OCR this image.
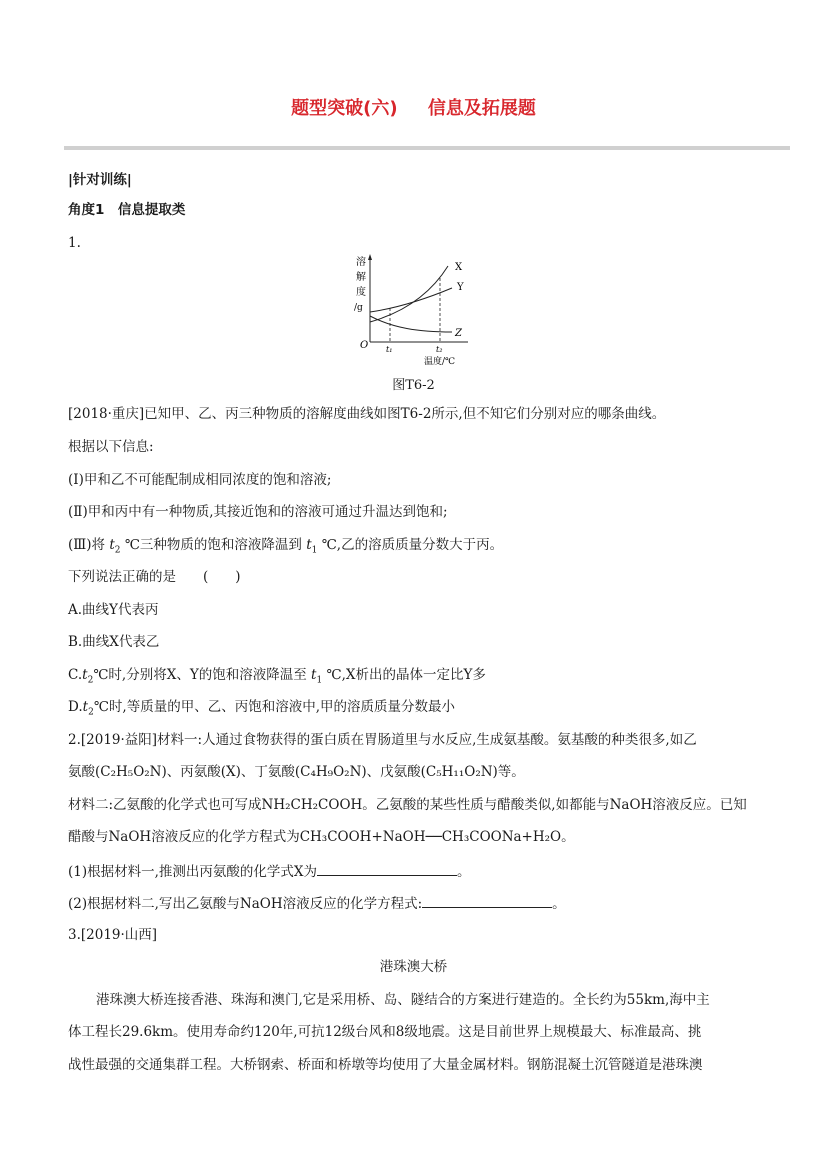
题型突破(六) 信息及拓展题
|针对训练|
角度1　信息提取类
1.
溶
解
度
/g
O
X
Y
Z
t₁	t₂
温度/℃
图T6-2
[2018·重庆]已知甲、乙、丙三种物质的溶解度曲线如图T6-2所示,但不知它们分别对应的哪条曲线。
根据以下信息:
(Ⅰ)甲和乙不可能配制成相同浓度的饱和溶液;
(Ⅱ)甲和丙中有一种物质,其接近饱和的溶液可通过升温达到饱和;
(Ⅲ)将 $t_2$ ℃三种物质的饱和溶液降温到 $t_1$ ℃,乙的溶质质量分数大于丙。
下列说法正确的是　　(　　)
A.曲线Y代表丙
B.曲线X代表乙
$C.t_2℃$时,分别将X、Y的饱和溶液降温至 $t_1$ ℃,X析出的晶体一定比Y多
$D.t_2℃$时,等质量的甲、乙、丙饱和溶液中,甲的溶质质量分数最小
2.[2019·益阳]材料一:人通过食物获得的蛋白质在胃肠道里与水反应,生成氨基酸。氨基酸的种类很多,如乙
氨酸(C₂H₅O₂N)、丙氨酸(X)、丁氨酸(C₄H₉O₂N)、戊氨酸(C₅H₁₁O₂N)等。
材料二:乙氨酸的化学式也可写成NH₂CH₂COOH。乙氨酸的某些性质与醋酸类似,如都能与NaOH溶液反应。已知
醋酸与NaOH溶液反应的化学方程式为CH₃COOH+NaOH──CH₃COONa+H₂O。
(1)根据材料一,推测出丙氨酸的化学式X为	。
(2)根据材料二,写出乙氨酸与NaOH溶液反应的化学方程式:	。
3.[2019·山西]
港珠澳大桥
港珠澳大桥连接香港、珠海和澳门,它是采用桥、岛、隧结合的方案进行建造的。全长约为55km,海中主
体工程长29.6km。使用寿命约120年,可抗12级台风和8级地震。这是目前世界上规模最大、标准最高、挑
战性最强的交通集群工程。大桥钢索、桥面和桥墩等均使用了大量金属材料。钢筋混凝土沉管隧道是港珠澳
